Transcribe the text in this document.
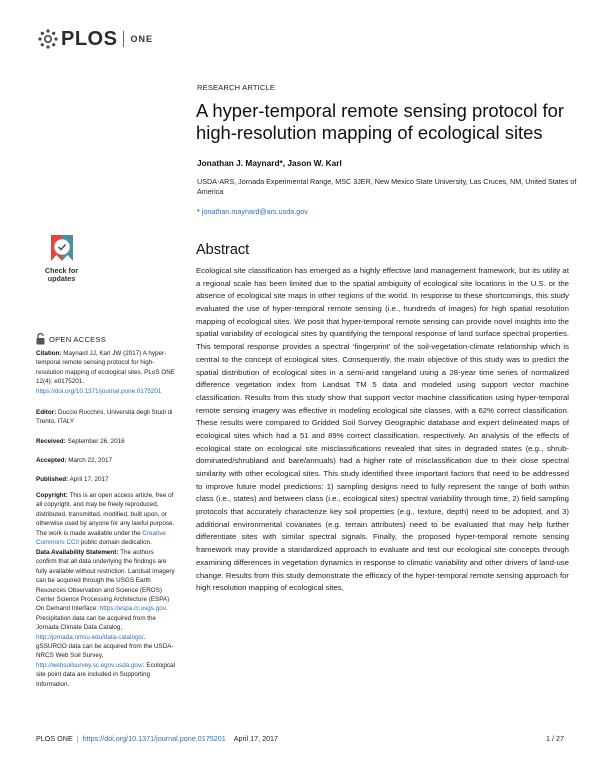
PLOS ONE
RESEARCH ARTICLE
A hyper-temporal remote sensing protocol for high-resolution mapping of ecological sites
Jonathan J. Maynard*, Jason W. Karl
USDA-ARS, Jornada Experimental Range, MSC 3JER, New Mexico State University, Las Cruces, NM, United States of America
* jonathan.maynard@ars.usda.gov
Abstract

Ecological site classification has emerged as a highly effective land management framework, but its utility at a regional scale has been limited due to the spatial ambiguity of ecological site locations in the U.S. or the absence of ecological site maps in other regions of the world. In response to these shortcomings, this study evaluated the use of hyper-temporal remote sensing (i.e., hundreds of images) for high spatial resolution mapping of ecological sites. We posit that hyper-temporal remote sensing can provide novel insights into the spatial variability of ecological sites by quantifying the temporal response of land surface spectral properties. This temporal response provides a spectral ‘fingerprint’ of the soil-vegetation-climate relationship which is central to the concept of ecological sites. Consequently, the main objective of this study was to predict the spatial distribution of ecological sites in a semi-arid rangeland using a 28-year time series of normalized difference vegetation index from Landsat TM 5 data and modeled using support vector machine classification. Results from this study show that support vector machine classification using hyper-temporal remote sensing imagery was effective in modeling ecological site classes, with a 62% correct classification. These results were compared to Gridded Soil Survey Geographic database and expert delineated maps of ecological sites which had a 51 and 89% correct classification, respectively. An analysis of the effects of ecological state on ecological site misclassifications revealed that sites in degraded states (e.g., shrub-dominated/shrubland and bare/annuals) had a higher rate of misclassification due to their close spectral similarity with other ecological sites. This study identified three important factors that need to be addressed to improve future model predictions: 1) sampling designs need to fully represent the range of both within class (i.e., states) and between class (i.e., ecological sites) spectral variability through time, 2) field sampling protocols that accurately characterize key soil properties (e.g., texture, depth) need to be adopted, and 3) additional environmental covariates (e.g. terrain attributes) need to be evaluated that may help further differentiate sites with similar spectral signals. Finally, the proposed hyper-temporal remote sensing framework may provide a standardized approach to evaluate and test our ecological site concepts through examining differences in vegetation dynamics in response to climatic variability and other drivers of land-use change. Results from this study demonstrate the efficacy of the hyper-temporal remote sensing approach for high resolution mapping of ecological sites,

Check for updates
OPEN ACCESS
Citation: Maynard JJ, Karl JW (2017) A hyper-temporal remote sensing protocol for high-resolution mapping of ecological sites. PLoS ONE 12(4): e0175201. https://doi.org/10.1371/journal.pone.0175201
Editor: Duccio Rocchini, Università degli Studi di Trento, ITALY
Received: September 26, 2016
Accepted: March 22, 2017
Published: April 17, 2017
Copyright: This is an open access article, free of all copyright, and may be freely reproduced, distributed, transmitted, modified, built upon, or otherwise used by anyone for any lawful purpose. The work is made available under the Creative Commons CC0 public domain dedication.
Data Availability Statement: The authors confirm that all data underlying the findings are fully available without restriction. Landsat imagery can be acquired through the USGS Earth Resources Observation and Science (EROS) Center Science Processing Architecture (ESPA) On Demand Interface: https://espa.cr.usgs.gov. Precipitation data can be acquired from the Jornada Climate Data Catalog, http://jornada.nmsu.edu/data-catalogs/. gSSURGO data can be acquired from the USDA-NRCS Web Soil Survey, http://websoilsurvey.sc.egov.usda.gov/. Ecological site point data are included in Supporting Information.
PLOS ONE | https://doi.org/10.1371/journal.pone.0175201 April 17, 2017	1 / 27
